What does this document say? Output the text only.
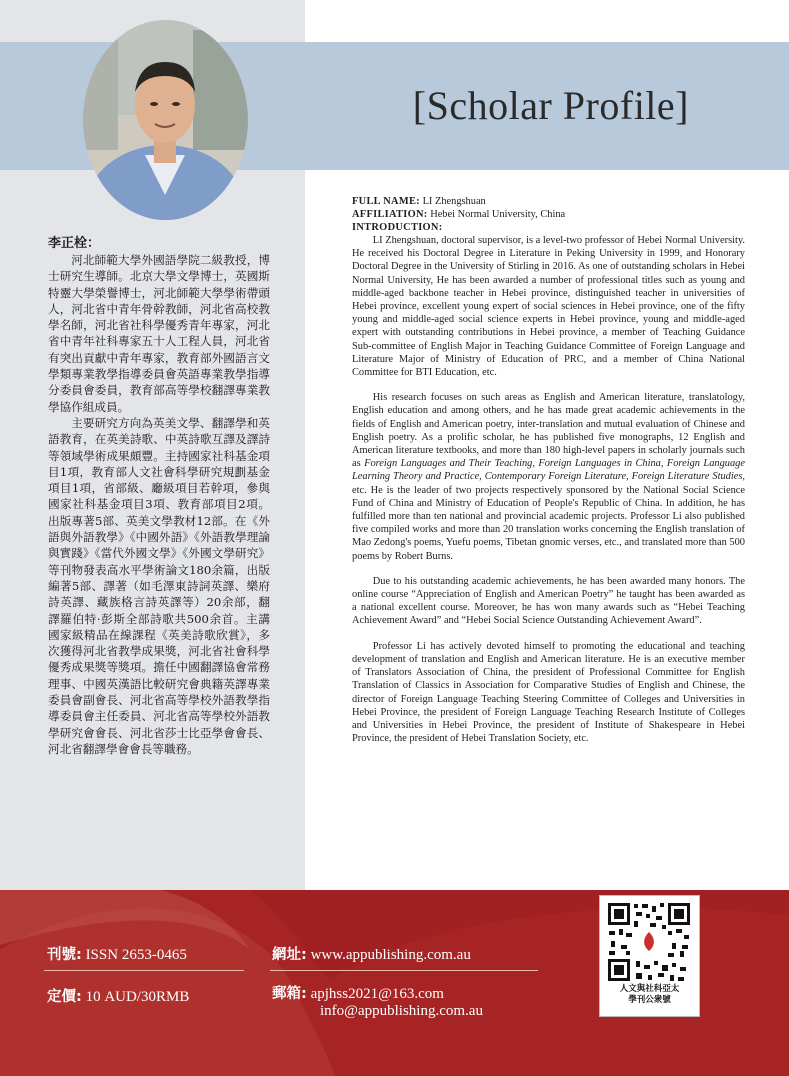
[Scholar Profile]
李正栓：

河北師範大學外國語學院二級教授，博士研究生導師。北京大學文學博士，英國斯特靈大學榮譽博士，河北師範大學學術帶頭人，河北省中青年骨幹教師，河北省高校教學名師，河北省社科學優秀青年專家，河北省中青年社科專家五十人工程人員，河北省有突出貢獻中青年專家，教育部外國語言文學類專業教學指導委員會英語專業教學指導分委員會委員，教育部高等學校翻譯專業教學協作組成員。

主要研究方向為英美文學、翻譯學和英語教育，在英美詩歌、中英詩歌互譯及譯詩等領域學術成果頗豐。主持國家社科基金項目1項，教育部人文社會科學研究規劃基金項目1項，省部級、廳級項目若幹項，參與國家社科基金項目3項、教育部項目2項。出版專著5部、英美文學教材12部。在《外語與外語教學》《中國外語》《外語教學理論與實踐》《當代外國文學》《外國文學研究》等刊物發表高水平學術論文180余篇，出版編著5部、譯著（如毛澤東詩詞英譯、樂府詩英譯、藏族格言詩英譯等）20余部，翻譯羅伯特·彭斯全部詩歌共500余首。主講國家級精品在線課程《英美詩歌欣賞》，多次獲得河北省教學成果獎，河北省社會科學優秀成果獎等獎項。擔任中國翻譯協會常務理事、中國英漢語比較研究會典籍英譯專業委員會副會長、河北省高等學校外語教學指導委員會主任委員、河北省高等學校外語教學研究會會長、河北省莎士比亞學會會長、河北省翻譯學會會長等職務。

FULL NAME: LI Zhengshuan

AFFILIATION: Hebei Normal University, China

INTRODUCTION:

LI Zhengshuan, doctoral supervisor, is a level-two professor of Hebei Normal University. He received his Doctoral Degree in Literature in Peking University in 1999, and Honorary Doctoral Degree in the University of Stirling in 2016. As one of outstanding scholars in Hebei Normal University, He has been awarded a number of professional titles such as young and middle-aged backbone teacher in Hebei province, distinguished teacher in universities of Hebei province, excellent young expert of social sciences in Hebei province, one of the fifty young and middle-aged social science experts in Hebei province, young and middle-aged expert with outstanding contributions in Hebei province, a member of Teaching Guidance Sub-committee of English Major in Teaching Guidance Committee of Foreign Language and Literature Major of Ministry of Education of PRC, and a member of China National Committee for BTI Education, etc.

His research focuses on such areas as English and American literature, translatology, English education and among others, and he has made great academic achievements in the fields of English and American poetry, inter-translation and mutual evaluation of Chinese and English poetry. As a prolific scholar, he has published five monographs, 12 English and American literature textbooks, and more than 180 high-level papers in scholarly journals such as Foreign Languages and Their Teaching, Foreign Languages in China, Foreign Language Learning Theory and Practice, Contemporary Foreign Literature, Foreign Literature Studies, etc. He is the leader of two projects respectively sponsored by the National Social Science Fund of China and Ministry of Education of People's Republic of China. In addition, he has fulfilled more than ten national and provincial academic projects. Professor Li also published five compiled works and more than 20 translation works concerning the English translation of Mao Zedong's poems, Yuefu poems, Tibetan gnomic verses, etc., and translated more than 500 poems by Robert Burns.

Due to his outstanding academic achievements, he has been awarded many honors. The online course “Appreciation of English and American Poetry” he taught has been awarded as a national excellent course. Moreover, he has won many awards such as “Hebei Teaching Achievement Award” and “Hebei Social Science Outstanding Achievement Award”.

Professor Li has actively devoted himself to promoting the educational and teaching development of translation and English and American literature. He is an executive member of Translators Association of China, the president of Professional Committee for English Translation of Classics in Association for Comparative Studies of English and Chinese, the director of Foreign Language Teaching Steering Committee of Colleges and Universities in Hebei Province, the president of Foreign Language Teaching Research Institute of Colleges and Universities in Hebei Province, the president of Institute of Shakespeare in Hebei Province, the president of Hebei Translation Society, etc.

刊號: ISSN 2653-0465
定價: 10 AUD/30RMB
網址: www.appublishing.com.au
郵箱: apjhss2021@163.com
info@appublishing.com.au
人文與社科亞太
學刊公衆號
